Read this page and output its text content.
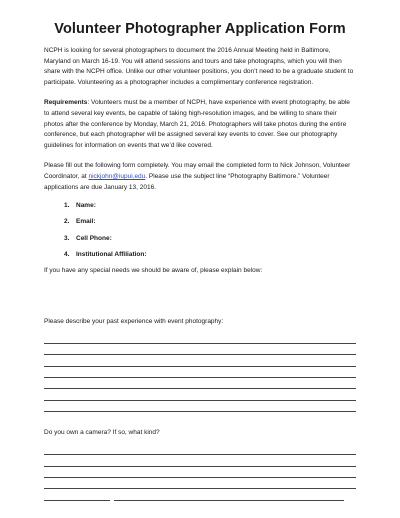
Volunteer Photographer Application Form

NCPH is looking for several photographers to document the 2016 Annual Meeting held in Baltimore, Maryland on March 16-19. You will attend sessions and tours and take photographs, which you will then share with the NCPH office. Unlike our other volunteer positions, you don’t need to be a graduate student to participate. Volunteering as a photographer includes a complimentary conference registration.

Requirements: Volunteers must be a member of NCPH, have experience with event photography, be able to attend several key events, be capable of taking high-resolution images, and be willing to share their photos after the conference by Monday, March 21, 2016. Photographers will take photos during the entire conference, but each photographer will be assigned several key events to cover. See our photography guidelines for information on events that we’d like covered.

Please fill out the following form completely. You may email the completed form to Nick Johnson, Volunteer Coordinator, at nickjohn@iupui.edu. Please use the subject line “Photography Baltimore.” Volunteer applications are due January 13, 2016.

1. Name:
2. Email:
3. Cell Phone:
4. Institutional Affiliation:

If you have any special needs we should be aware of, please explain below:

Please describe your past experience with event photography:

Do you own a camera? If so, what kind?
